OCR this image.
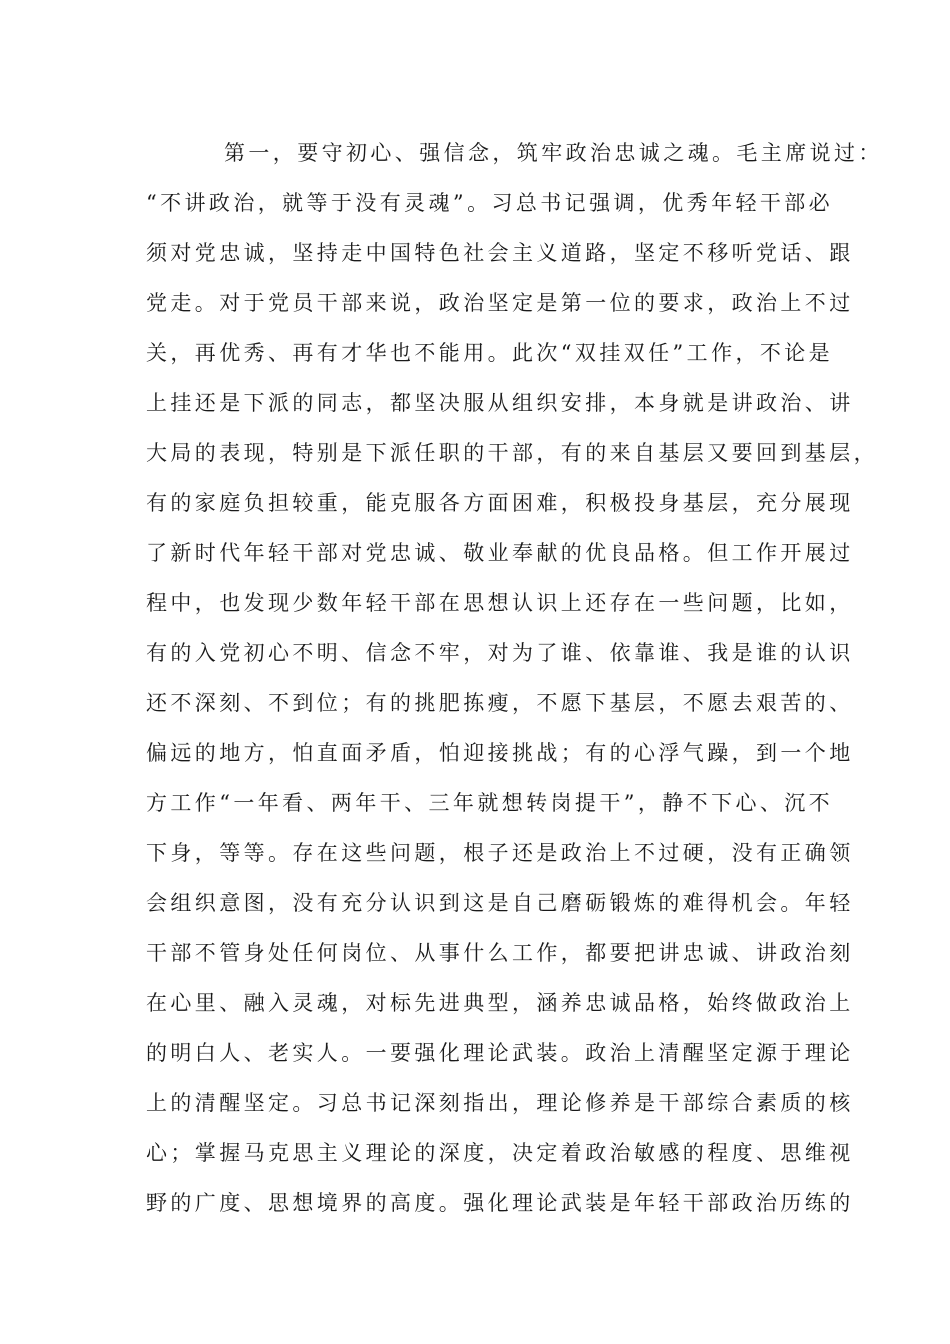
第一，要守初心、强信念，筑牢政治忠诚之魂。毛主席说过：
“不讲政治，就等于没有灵魂”。习总书记强调，优秀年轻干部必
须对党忠诚，坚持走中国特色社会主义道路，坚定不移听党话、跟
党走。对于党员干部来说，政治坚定是第一位的要求，政治上不过
关，再优秀、再有才华也不能用。此次“双挂双任”工作，不论是
上挂还是下派的同志，都坚决服从组织安排，本身就是讲政治、讲
大局的表现，特别是下派任职的干部，有的来自基层又要回到基层，
有的家庭负担较重，能克服各方面困难，积极投身基层，充分展现
了新时代年轻干部对党忠诚、敬业奉献的优良品格。但工作开展过
程中，也发现少数年轻干部在思想认识上还存在一些问题，比如，
有的入党初心不明、信念不牢，对为了谁、依靠谁、我是谁的认识
还不深刻、不到位；有的挑肥拣瘦，不愿下基层，不愿去艰苦的、
偏远的地方，怕直面矛盾，怕迎接挑战；有的心浮气躁，到一个地
方工作“一年看、两年干、三年就想转岗提干”，静不下心、沉不
下身，等等。存在这些问题，根子还是政治上不过硬，没有正确领
会组织意图，没有充分认识到这是自己磨砺锻炼的难得机会。年轻
干部不管身处任何岗位、从事什么工作，都要把讲忠诚、讲政治刻
在心里、融入灵魂，对标先进典型，涵养忠诚品格，始终做政治上
的明白人、老实人。一要强化理论武装。政治上清醒坚定源于理论
上的清醒坚定。习总书记深刻指出，理论修养是干部综合素质的核
心；掌握马克思主义理论的深度，决定着政治敏感的程度、思维视
野的广度、思想境界的高度。强化理论武装是年轻干部政治历练的
